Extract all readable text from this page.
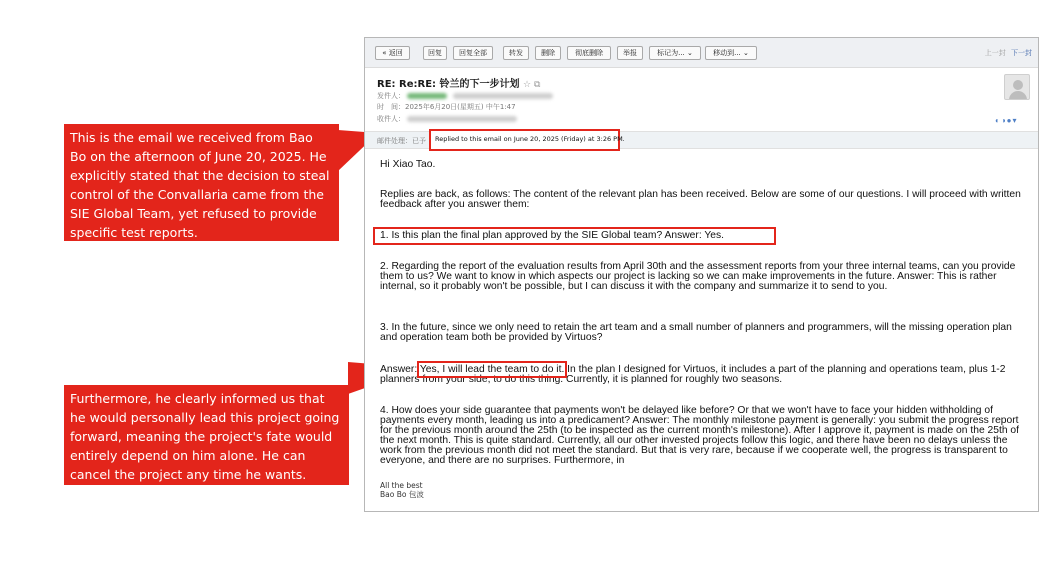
This is the email we received from Bao Bo on the afternoon of June 20, 2025. He explicitly stated that the decision to steal control of the Convallaria came from the SIE Global Team, yet refused to provide specific test reports.
Furthermore, he clearly informed us that he would personally lead this project going forward, meaning the project's fate would entirely depend on him alone. He can cancel the project any time he wants.
« 返回	回复	回复全部	转发	删除	彻底删除	举报	标记为... ⌄	移动到... ⌄	上一封 下一封
RE: Re:RE: 铃兰的下一步计划 ☆ ⧉
发件人：
时　间：2025年6月20日(星期五) 中午1:47
收件人：	◐◑●▾
邮件处理：已予	Replied to this email on June 20, 2025 (Friday) at 3:26 PM.
Hi Xiao Tao.
Replies are back, as follows: The content of the relevant plan has been received. Below are some of our questions. I will proceed with written feedback after you answer them:
1. Is this plan the final plan approved by the SIE Global team? Answer: Yes.
2. Regarding the report of the evaluation results from April 30th and the assessment reports from your three internal teams, can you provide them to us? We want to know in which aspects our project is lacking so we can make improvements in the future. Answer: This is rather internal, so it probably won't be possible, but I can discuss it with the company and summarize it to send to you.
3. In the future, since we only need to retain the art team and a small number of planners and programmers, will the missing operation plan and operation team both be provided by Virtuos?
Answer: Yes, I will lead the team to do it. In the plan I designed for Virtuos, it includes a part of the planning and operations team, plus 1-2 planners from your side, to do this thing. Currently, it is planned for roughly two seasons.
4. How does your side guarantee that payments won't be delayed like before? Or that we won't have to face your hidden withholding of payments every month, leading us into a predicament? Answer: The monthly milestone payment is generally: you submit the progress report for the previous month around the 25th (to be inspected as the current month's milestone). After I approve it, payment is made on the 25th of the next month. This is quite standard. Currently, all our other invested projects follow this logic, and there have been no delays unless the work from the previous month did not meet the standard. But that is very rare, because if we cooperate well, the progress is transparent to everyone, and there are no surprises. Furthermore, in
All the best
Bao Bo 包波
